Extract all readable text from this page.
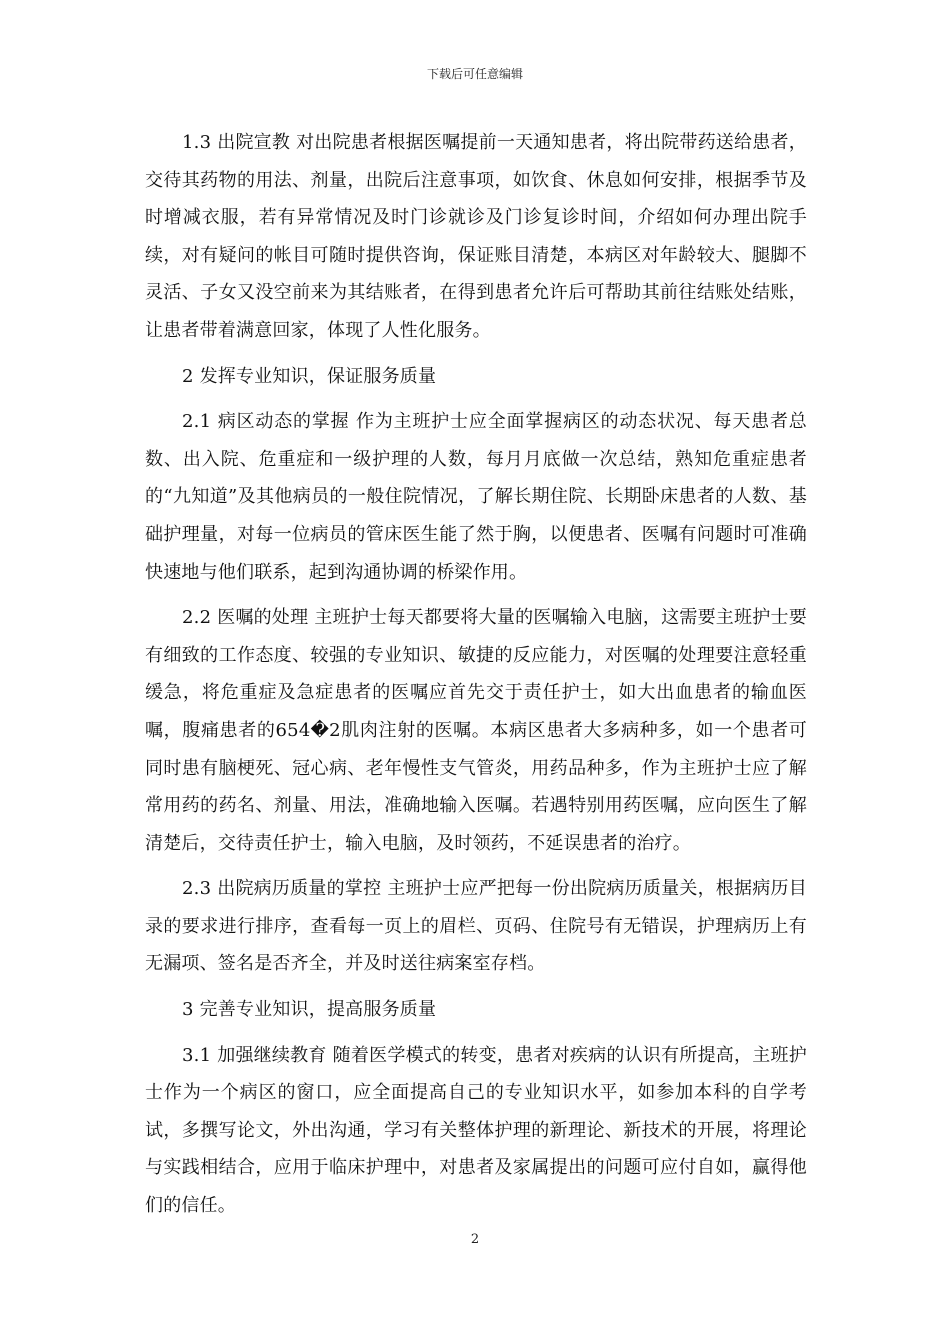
下载后可任意编辑

1.3 出院宣教 对出院患者根据医嘱提前一天通知患者，将出院带药送给患者，交待其药物的用法、剂量，出院后注意事项，如饮食、休息如何安排，根据季节及时增减衣服，若有异常情况及时门诊就诊及门诊复诊时间，介绍如何办理出院手续，对有疑问的帐目可随时提供咨询，保证账目清楚，本病区对年龄较大、腿脚不灵活、子女又没空前来为其结账者，在得到患者允许后可帮助其前往结账处结账，让患者带着满意回家，体现了人性化服务。

2 发挥专业知识，保证服务质量

2.1 病区动态的掌握 作为主班护士应全面掌握病区的动态状况、每天患者总数、出入院、危重症和一级护理的人数，每月月底做一次总结，熟知危重症患者的“九知道”及其他病员的一般住院情况，了解长期住院、长期卧床患者的人数、基础护理量，对每一位病员的管床医生能了然于胸，以便患者、医嘱有问题时可准确快速地与他们联系，起到沟通协调的桥梁作用。

2.2 医嘱的处理 主班护士每天都要将大量的医嘱输入电脑，这需要主班护士要有细致的工作态度、较强的专业知识、敏捷的反应能力，对医嘱的处理要注意轻重缓急，将危重症及急症患者的医嘱应首先交于责任护士，如大出血患者的输血医嘱，腹痛患者的654�2肌肉注射的医嘱。本病区患者大多病种多，如一个患者可同时患有脑梗死、冠心病、老年慢性支气管炎，用药品种多，作为主班护士应了解常用药的药名、剂量、用法，准确地输入医嘱。若遇特别用药医嘱，应向医生了解清楚后，交待责任护士，输入电脑，及时领药，不延误患者的治疗。

2.3 出院病历质量的掌控 主班护士应严把每一份出院病历质量关，根据病历目录的要求进行排序，查看每一页上的眉栏、页码、住院号有无错误，护理病历上有无漏项、签名是否齐全，并及时送往病案室存档。

3 完善专业知识，提高服务质量

3.1 加强继续教育 随着医学模式的转变，患者对疾病的认识有所提高，主班护士作为一个病区的窗口，应全面提高自己的专业知识水平，如参加本科的自学考试，多撰写论文，外出沟通，学习有关整体护理的新理论、新技术的开展，将理论与实践相结合，应用于临床护理中，对患者及家属提出的问题可应付自如，赢得他们的信任。

2
